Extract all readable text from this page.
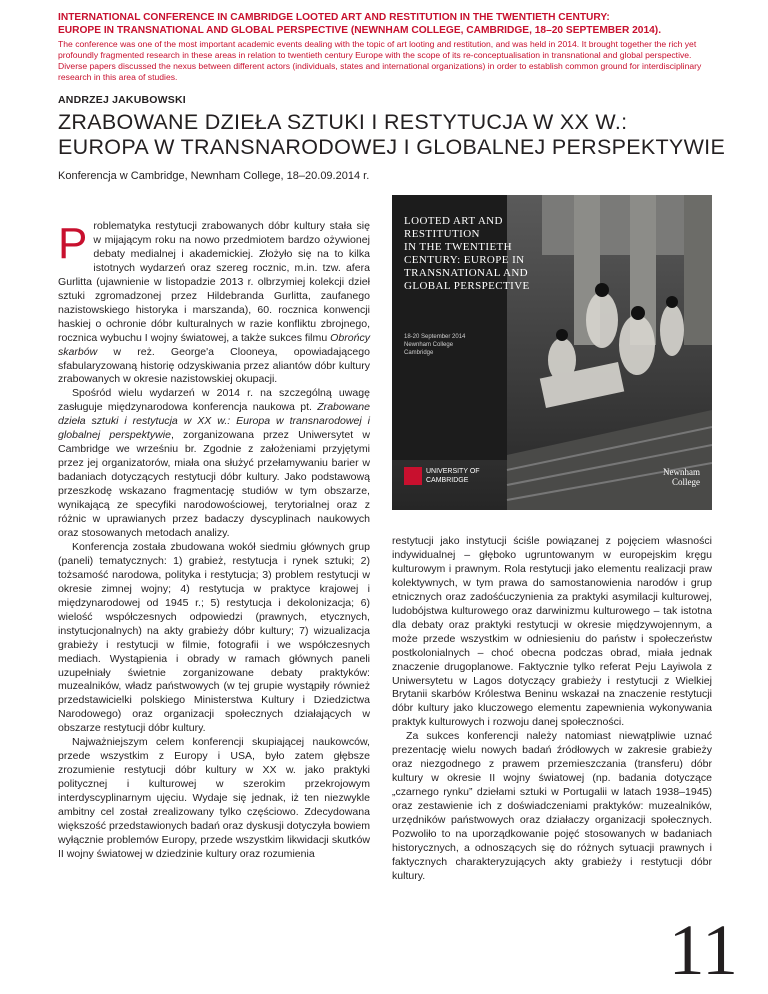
INTERNATIONAL CONFERENCE IN CAMBRIDGE LOOTED ART AND RESTITUTION IN THE TWENTIETH CENTURY:
EUROPE IN TRANSNATIONAL AND GLOBAL PERSPECTIVE (NEWNHAM COLLEGE, CAMBRIDGE, 18–20 SEPTEMBER 2014).
The conference was one of the most important academic events dealing with the topic of art looting and restitution, and was held in 2014. It brought together the rich yet profoundly fragmented research in these areas in relation to twentieth century Europe with the scope of its re-conceptualisation in transnational and global perspective. Diverse papers discussed the nexus between different actors (individuals, states and international organizations) in order to establish common ground for interdisciplinary research in this area of studies.
ANDRZEJ JAKUBOWSKI
ZRABOWANE DZIEŁA SZTUKI I RESTYTUCJA W XX W.:
EUROPA W TRANSNARODOWEJ I GLOBALNEJ PERSPEKTYWIE
Konferencja w Cambridge, Newnham College, 18–20.09.2014 r.
LOOTED ART AND
RESTITUTION
IN THE TWENTIETH
CENTURY: EUROPE IN
TRANSNATIONAL AND
GLOBAL PERSPECTIVE
18-20 September 2014
Newnham College
Cambridge
UNIVERSITY OF
CAMBRIDGE
Newnham
College

Problematyka restytucji zrabowanych dóbr kultury stała się w mijającym roku na nowo przedmiotem bardzo ożywionej debaty medialnej i akademickiej. Złożyło się na to kilka istotnych wydarzeń oraz szereg rocznic, m.in. tzw. afera Gurlitta (ujawnienie w listopadzie 2013 r. olbrzymiej kolekcji dzieł sztuki zgromadzonej przez Hildebranda Gurlitta, zaufanego nazistowskiego historyka i marszanda), 60. rocznica konwencji haskiej o ochronie dóbr kulturalnych w razie konfliktu zbrojnego, rocznica wybuchu I wojny światowej, a także sukces filmu Obrońcy skarbów w reż. George'a Clooneya, opowiadającego sfabularyzowaną historię odzyskiwania przez aliantów dóbr kultury zrabowanych w okresie nazistowskiej okupacji.

Spośród wielu wydarzeń w 2014 r. na szczególną uwagę zasługuje międzynarodowa konferencja naukowa pt. Zrabowane dzieła sztuki i restytucja w XX w.: Europa w transnarodowej i globalnej perspektywie, zorganizowana przez Uniwersytet w Cambridge we wrześniu br. Zgodnie z założeniami przyjętymi przez jej organizatorów, miała ona służyć przełamywaniu barier w badaniach dotyczących restytucji dóbr kultury. Jako podstawową przeszkodę wskazano fragmentację studiów w tym obszarze, wynikającą ze specyfiki narodowościowej, terytorialnej oraz z różnic w uprawianych przez badaczy dyscyplinach naukowych oraz stosowanych metodach analizy.

Konferencja została zbudowana wokół siedmiu głównych grup (paneli) tematycznych: 1) grabież, restytucja i rynek sztuki; 2) tożsamość narodowa, polityka i restytucja; 3) problem restytucji w okresie zimnej wojny; 4) restytucja w praktyce krajowej i międzynarodowej od 1945 r.; 5) restytucja i dekolonizacja; 6) wielość współczesnych odpowiedzi (prawnych, etycznych, instytucjonalnych) na akty grabieży dóbr kultury; 7) wizualizacja grabieży i restytucji w filmie, fotografii i we współczesnych mediach. Wystąpienia i obrady w ramach głównych paneli uzupełniały świetnie zorganizowane debaty praktyków: muzealników, władz państwowych (w tej grupie wystąpiły również przedstawicielki polskiego Ministerstwa Kultury i Dziedzictwa Narodowego) oraz organizacji społecznych działających w obszarze restytucji dóbr kultury.

Najważniejszym celem konferencji skupiającej naukowców, przede wszystkim z Europy i USA, było zatem głębsze zrozumienie restytucji dóbr kultury w XX w. jako praktyki politycznej i kulturowej w szerokim przekrojowym interdyscyplinarnym ujęciu. Wydaje się jednak, iż ten niezwykle ambitny cel został zrealizowany tylko częściowo. Zdecydowana większość przedstawionych badań oraz dyskusji dotyczyła bowiem wyłącznie problemów Europy, przede wszystkim likwidacji skutków II wojny światowej w dziedzinie kultury oraz rozumienia

restytucji jako instytucji ściśle powiązanej z pojęciem własności indywidualnej – głęboko ugruntowanym w europejskim kręgu kulturowym i prawnym. Rola restytucji jako elementu realizacji praw kolektywnych, w tym prawa do samostanowienia narodów i grup etnicznych oraz zadośćuczynienia za praktyki asymilacji kulturowej, ludobójstwa kulturowego oraz darwinizmu kulturowego – tak istotna dla debaty oraz praktyki restytucji w okresie międzywojennym, a może przede wszystkim w odniesieniu do państw i społeczeństw postkolonialnych – choć obecna podczas obrad, miała jednak znaczenie drugoplanowe. Faktycznie tylko referat Peju Layiwola z Uniwersytetu w Lagos dotyczący grabieży i restytucji z Wielkiej Brytanii skarbów Królestwa Beninu wskazał na znaczenie restytucji dóbr kultury jako kluczowego elementu zapewnienia wykonywania praktyk kulturowych i rozwoju danej społeczności.

Za sukces konferencji należy natomiast niewątpliwie uznać prezentację wielu nowych badań źródłowych w zakresie grabieży oraz niezgodnego z prawem przemieszczania (transferu) dóbr kultury w okresie II wojny światowej (np. badania dotyczące „czarnego rynku” dziełami sztuki w Portugalii w latach 1938–1945) oraz zestawienie ich z doświadczeniami praktyków: muzealników, urzędników państwowych oraz działaczy organizacji społecznych. Pozwoliło to na uporządkowanie pojęć stosowanych w badaniach historycznych, a odnoszących się do różnych sytuacji prawnych i faktycznych charakteryzujących akty grabieży i restytucji dóbr kultury.

11
